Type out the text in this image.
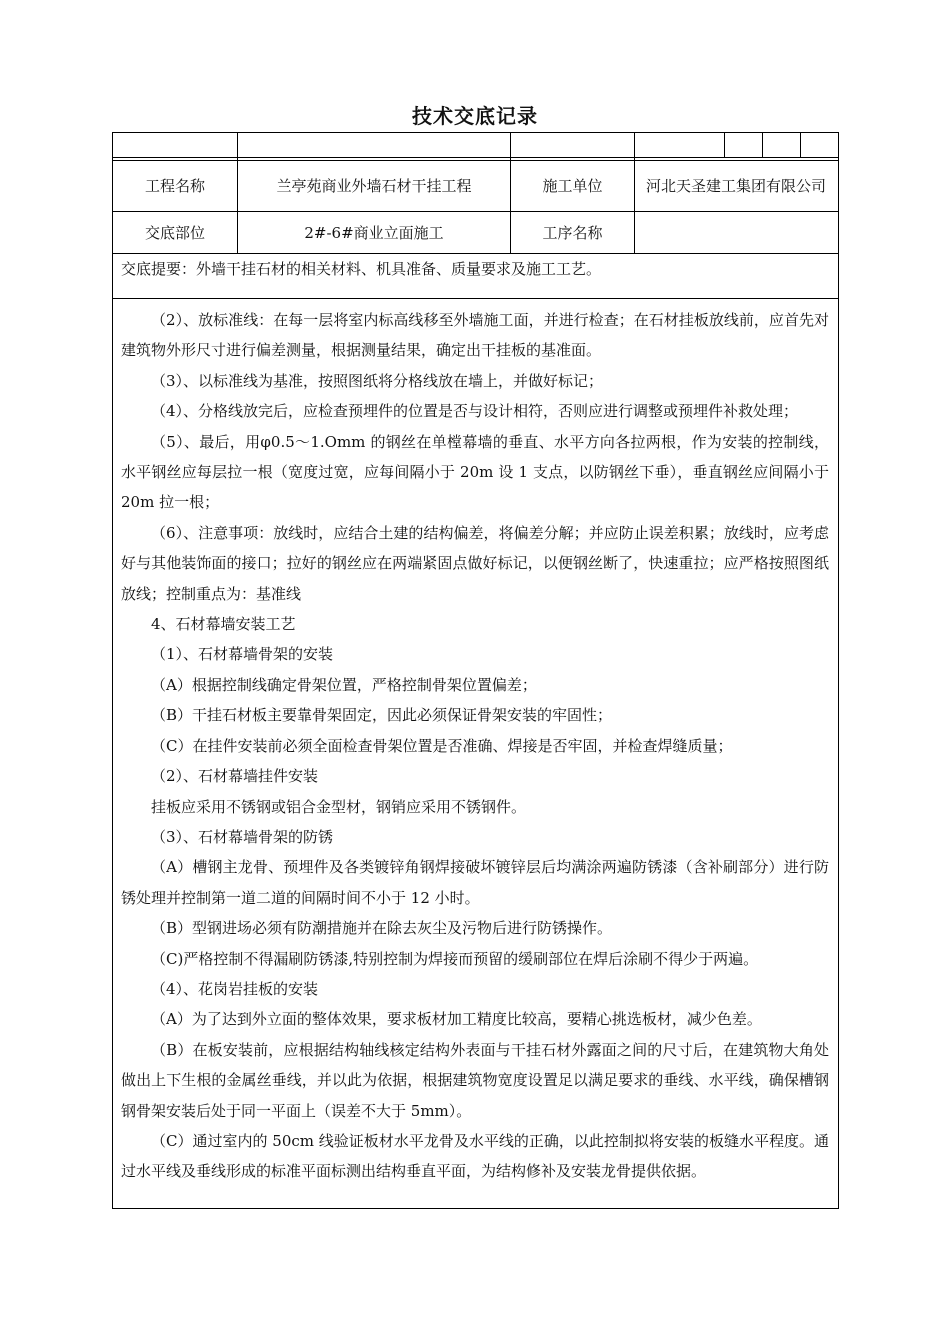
技术交底记录
工程名称	兰亭苑商业外墙石材干挂工程	施工单位	河北天圣建工集团有限公司
交底部位	2#-6#商业立面施工	工序名称
交底提要：外墙干挂石材的相关材料、机具准备、质量要求及施工工艺。

（2）、放标准线：在每一层将室内标高线移至外墙施工面，并进行检查；在石材挂板放线前，应首先对建筑物外形尺寸进行偏差测量，根据测量结果，确定出干挂板的基准面。

（3）、以标准线为基准，按照图纸将分格线放在墙上，并做好标记；

（4）、分格线放完后，应检查预埋件的位置是否与设计相符，否则应进行调整或预埋件补救处理；

（5）、最后，用φ0.5～1.Omm 的钢丝在单樘幕墙的垂直、水平方向各拉两根，作为安装的控制线，水平钢丝应每层拉一根（宽度过宽，应每间隔小于 20m 设 1 支点，以防钢丝下垂），垂直钢丝应间隔小于 20m 拉一根；

（6）、注意事项：放线时，应结合土建的结构偏差，将偏差分解；并应防止误差积累；放线时，应考虑好与其他装饰面的接口；拉好的钢丝应在两端紧固点做好标记，以便钢丝断了，快速重拉；应严格按照图纸放线；控制重点为：基准线

4、石材幕墙安装工艺

（1）、石材幕墙骨架的安装

（A）根据控制线确定骨架位置，严格控制骨架位置偏差；

（B）干挂石材板主要靠骨架固定，因此必须保证骨架安装的牢固性；

（C）在挂件安装前必须全面检查骨架位置是否准确、焊接是否牢固，并检查焊缝质量；

（2）、石材幕墙挂件安装

挂板应采用不锈钢或铝合金型材，钢销应采用不锈钢件。

（3）、石材幕墙骨架的防锈

（A）槽钢主龙骨、预埋件及各类镀锌角钢焊接破坏镀锌层后均满涂两遍防锈漆（含补刷部分）进行防锈处理并控制第一道二道的间隔时间不小于 12 小时。

（B）型钢进场必须有防潮措施并在除去灰尘及污物后进行防锈操作。

（C)严格控制不得漏刷防锈漆,特别控制为焊接而预留的缓刷部位在焊后涂刷不得少于两遍。

（4）、花岗岩挂板的安装

（A）为了达到外立面的整体效果，要求板材加工精度比较高，要精心挑选板材，减少色差。

（B）在板安装前，应根据结构轴线核定结构外表面与干挂石材外露面之间的尺寸后，在建筑物大角处做出上下生根的金属丝垂线，并以此为依据，根据建筑物宽度设置足以满足要求的垂线、水平线，确保槽钢钢骨架安装后处于同一平面上（误差不大于 5mm）。

（C）通过室内的 50cm 线验证板材水平龙骨及水平线的正确，以此控制拟将安装的板缝水平程度。通过水平线及垂线形成的标准平面标测出结构垂直平面，为结构修补及安装龙骨提供依据。
